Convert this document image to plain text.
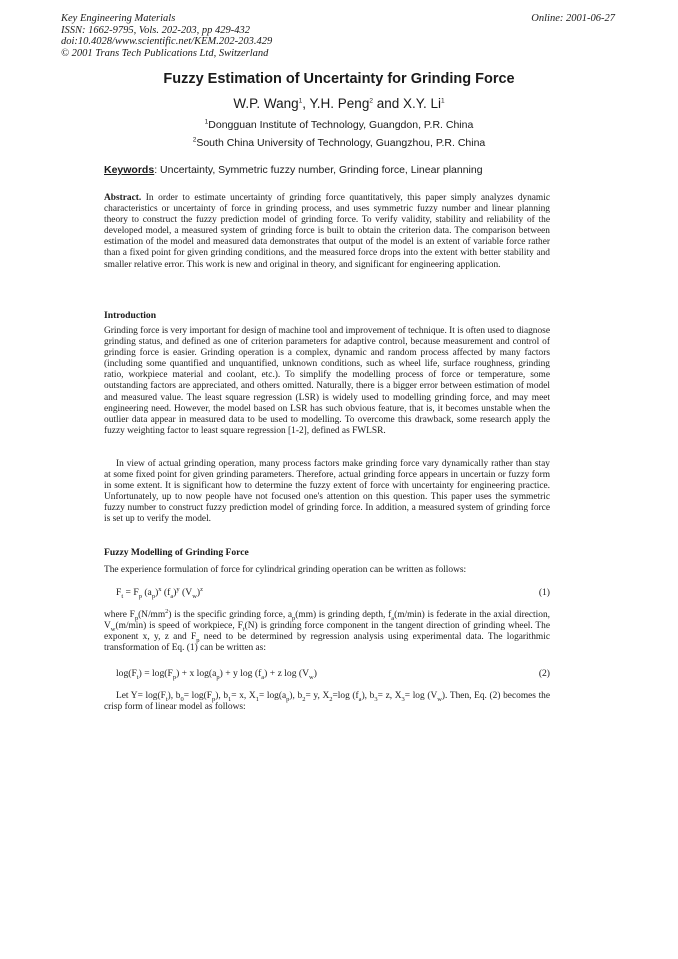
Key Engineering Materials
ISSN: 1662-9795, Vols. 202-203, pp 429-432
doi:10.4028/www.scientific.net/KEM.202-203.429
© 2001 Trans Tech Publications Ltd, Switzerland
Online: 2001-06-27
Fuzzy Estimation of Uncertainty for Grinding Force
W.P. Wang$^1$, Y.H. Peng$^2$ and X.Y. Li$^1$
$^1$Dongguan Institute of Technology, Guangdon, P.R. China
$^2$South China University of Technology, Guangzhou, P.R. China
Keywords: Uncertainty, Symmetric fuzzy number, Grinding force, Linear planning
Abstract. In order to estimate uncertainty of grinding force quantitatively, this paper simply analyzes dynamic characteristics or uncertainty of force in grinding process, and uses symmetric fuzzy number and linear planning theory to construct the fuzzy prediction model of grinding force. To verify validity, stability and reliability of the developed model, a measured system of grinding force is built to obtain the criterion data. The comparison between estimation of the model and measured data demonstrates that output of the model is an extent of variable force rather than a fixed point for given grinding conditions, and the measured force drops into the extent with better stability and smaller relative error. This work is new and original in theory, and significant for engineering application.
Introduction
Grinding force is very important for design of machine tool and improvement of technique. It is often used to diagnose grinding status, and defined as one of criterion parameters for adaptive control, because measurement and control of grinding force is easier. Grinding operation is a complex, dynamic and random process affected by many factors (including some quantified and unquantified, unknown conditions, such as wheel life, surface roughness, grinding ratio, workpiece material and coolant, etc.). To simplify the modelling process of force or temperature, some outstanding factors are appreciated, and others omitted. Naturally, there is a bigger error between estimation of model and measured value. The least square regression (LSR) is widely used to modelling grinding force, and may meet engineering need. However, the model based on LSR has such obvious feature, that is, it becomes unstable when the outlier data appear in measured data to be used to modelling. To overcome this drawback, some research apply the fuzzy weighting factor to least square regression [1-2], defined as FWLSR.
In view of actual grinding operation, many process factors make grinding force vary dynamically rather than stay at some fixed point for given grinding parameters. Therefore, actual grinding force appears in uncertain or fuzzy form in some extent. It is significant how to determine the fuzzy extent of force with uncertainty for engineering practice. Unfortunately, up to now people have not focused one's attention on this question. This paper uses the symmetric fuzzy number to construct fuzzy prediction model of grinding force. In addition, a measured system of grinding force is set up to verify the model.
Fuzzy Modelling of Grinding Force
The experience formulation of force for cylindrical grinding operation can be written as follows:
$F_t = F_p$ $(a_p)^x$ $(f_a)^y$ $(V_w)^z$	(1)
where $F_p(N/mm^2)$ is the specific grinding force, $a_p(mm)$ is grinding depth, $f_a(m/\min)$ is federate in the axial direction, $V_w(m/\min)$ is speed of workpiece, $F_t(N)$ is grinding force component in the tangent direction of grinding wheel. The exponent x, y, z and $F_p$ need to be determined by regression analysis using experimental data. The logarithmic transformation of Eq. (1) can be written as:
$\log(F_t) = \log(F_p) + x$ $\log(a_p) + y$ $\log (f_a) + z$ $\log (V_w)$	(2)
Let $Y= \log(F_t)$, $b_0= \log(F_p)$, $b_1= x$, $X_1= \log(a_p)$, $b_2= y$, $X_2=\log$ $(f_a)$, $b_3= z$, $X_3= \log (V_w)$. Then, Eq. (2) becomes the crisp form of linear model as follows:
